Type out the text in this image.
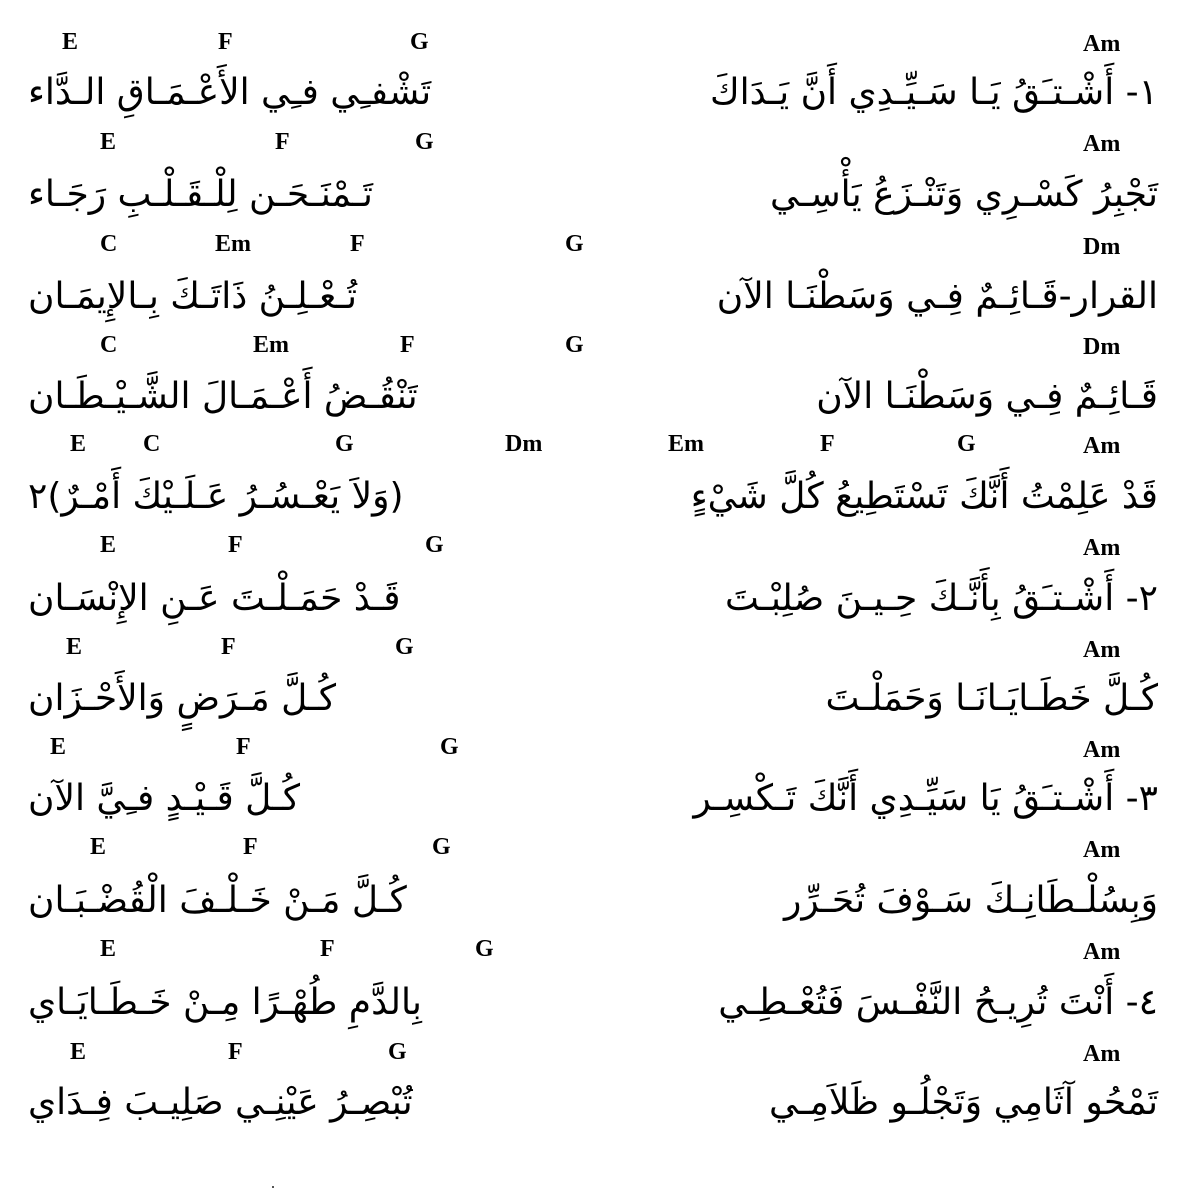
Am
E	F	G
١- أَشْـتـَقُ يَـا سَـيِّـدِي أَنَّ يَـدَاكَ
تَشْفـِي فـِي الأَعْـمَـاقِ الـدَّاء
Am
E	F	G
تَجْبِرُ كَسْـرِي وَتَنْـزَعُ يَأْسِـي
تَـمْنَـحَـن لِلْـقَـلْـبِ رَجَـاء
Dm
C	Em	F	G
القرار-قَـائِـمٌ فِـي وَسَطْنَـا الآن
تُـعْـلِـنُ ذَاتَـكَ بِـالإِيمَـان
Dm
C	Em	F	G
قَـائِـمٌ فِـي وَسَطْنَـا الآن
تَنْقُـضُ أَعْـمَـالَ الشَّـيْـطَـان
Em	F	G	Am
E C	G	Dm
قَدْ عَلِمْتُ أَنَّكَ تَسْتَطِيعُ كُلَّ شَيْءٍ
(وَلاَ يَعْـسُـرُ عَـلَـيْكَ أَمْـرٌ)٢
Am
E	F	G
٢- أَشْـتـَقُ بِأَنَّـكَ حِـيـنَ صُلِبْـتَ
قَـدْ حَمَـلْـتَ عَـنِ الإِنْسَـان
Am
E	F	G
كُـلَّ خَطَـايَـانَـا وَحَمَلْـتَ
كُـلَّ مَـرَضٍ وَالأَحْـزَان
Am
E	F	G
٣- أَشْـتـَقُ يَا سَيِّـدِي أَنَّكَ تَـكْسِـر
كُـلَّ قَـيْـدٍ فـِيَّ الآن
Am
E	F	G
وَبِسُلْـطَانِـكَ سَـوْفَ تُحَـرِّر
كُـلَّ مَـنْ خَـلْـفَ الْقُضْـبَـان
Am
E	F	G
٤- أَنْتَ تُرِيـحُ النَّفْـسَ فَتُعْـطِـي
بِالدَّمِ طُهْـرًا مِـنْ خَـطَـايَـاي
Am
E	F	G
تَمْحُو آثَامِي وَتَجْلُـو ظَلاَمِـي
تُبْصِـرُ عَيْنِـي صَلِيـبَ فِـدَاي
